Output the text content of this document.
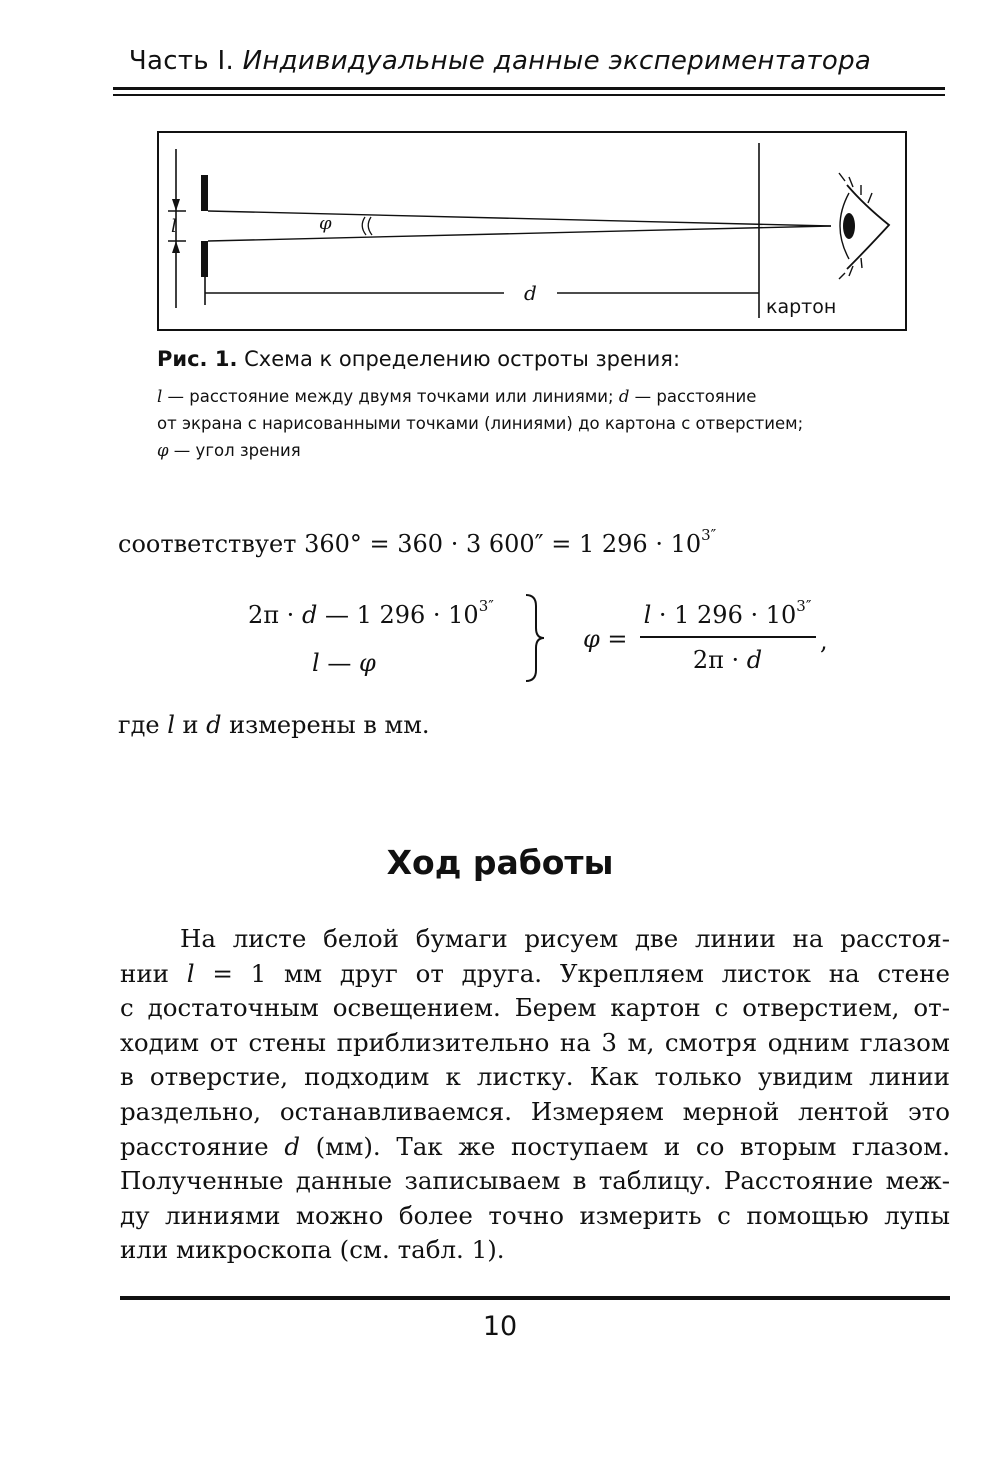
Часть I. Индивидуальные данные экспериментатора
l	φ
d
картон
Рис. 1. Схема к определению остроты зрения:
l — расстояние между двумя точками или линиями; d — расстояние
от экрана с нарисованными точками (линиями) до картона с отверстием;
φ — угол зрения
соответствует 360° = 360 · 3 600″ = 1 $296 \cdot 10^{3''}$
2π · d — 1 $296 \cdot 10^{3''}$
l — φ
φ =
l · 1 $296 \cdot 10^{3''}$
2π · d
,
где l и d измерены в мм.
Ход работы
На листе белой бумаги рисуем две линии на расстоя-
нии l = 1 мм друг от друга. Укрепляем листок на стене
с достаточным освещением. Берем картон с отверстием, от-
ходим от стены приблизительно на 3 м, смотря одним глазом
в отверстие, подходим к листку. Как только увидим линии
раздельно, останавливаемся. Измеряем мерной лентой это
расстояние d (мм). Так же поступаем и со вторым глазом.
Полученные данные записываем в таблицу. Расстояние меж-
ду линиями можно более точно измерить с помощью лупы
или микроскопа (см. табл. 1).
10
